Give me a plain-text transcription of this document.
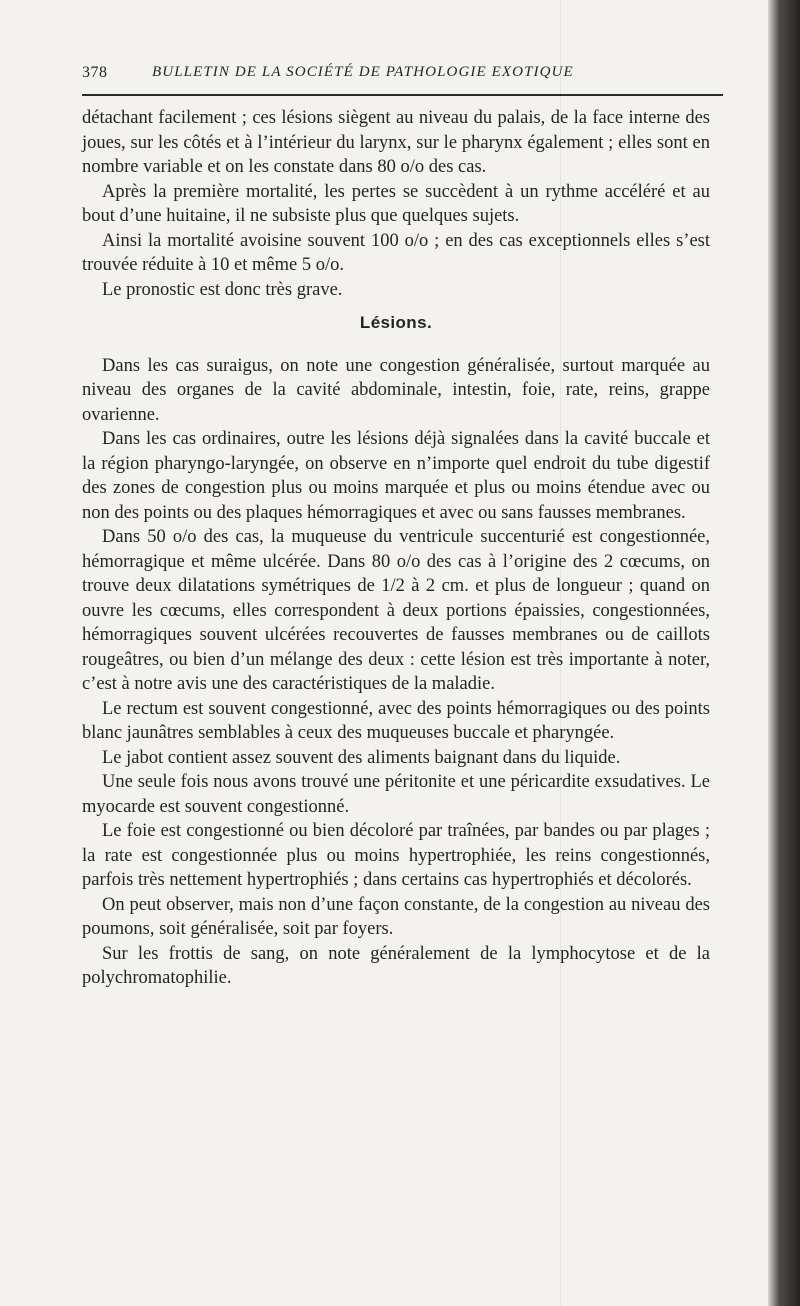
378	BULLETIN DE LA SOCIÉTÉ DE PATHOLOGIE EXOTIQUE

détachant facilement ; ces lésions siègent au niveau du palais, de la face interne des joues, sur les côtés et à l’intérieur du larynx, sur le pharynx également ; elles sont en nombre variable et on les constate dans 80 o/o des cas.

Après la première mortalité, les pertes se succèdent à un rythme accéléré et au bout d’une huitaine, il ne subsiste plus que quelques sujets.

Ainsi la mortalité avoisine souvent 100 o/o ; en des cas exceptionnels elles s’est trouvée réduite à 10 et même 5 o/o.

Le pronostic est donc très grave.

Lésions.

Dans les cas suraigus, on note une congestion généralisée, surtout marquée au niveau des organes de la cavité abdominale, intestin, foie, rate, reins, grappe ovarienne.

Dans les cas ordinaires, outre les lésions déjà signalées dans la cavité buccale et la région pharyngo-laryngée, on observe en n’importe quel endroit du tube digestif des zones de congestion plus ou moins marquée et plus ou moins étendue avec ou non des points ou des plaques hémorragiques et avec ou sans fausses membranes.

Dans 50 o/o des cas, la muqueuse du ventricule succenturié est congestionnée, hémorragique et même ulcérée. Dans 80 o/o des cas à l’origine des 2 cœcums, on trouve deux dilatations symétriques de 1/2 à 2 cm. et plus de longueur ; quand on ouvre les cœcums, elles correspondent à deux portions épaissies, congestionnées, hémorragiques souvent ulcérées recouvertes de fausses membranes ou de caillots rougeâtres, ou bien d’un mélange des deux : cette lésion est très importante à noter, c’est à notre avis une des caractéristiques de la maladie.

Le rectum est souvent congestionné, avec des points hémorragiques ou des points blanc jaunâtres semblables à ceux des muqueuses buccale et pharyngée.

Le jabot contient assez souvent des aliments baignant dans du liquide.

Une seule fois nous avons trouvé une péritonite et une péricardite exsudatives. Le myocarde est souvent congestionné.

Le foie est congestionné ou bien décoloré par traînées, par bandes ou par plages ; la rate est congestionnée plus ou moins hypertrophiée, les reins congestionnés, parfois très nettement hypertrophiés ; dans certains cas hypertrophiés et décolorés.

On peut observer, mais non d’une façon constante, de la congestion au niveau des poumons, soit généralisée, soit par foyers.

Sur les frottis de sang, on note généralement de la lymphocytose et de la polychromatophilie.
